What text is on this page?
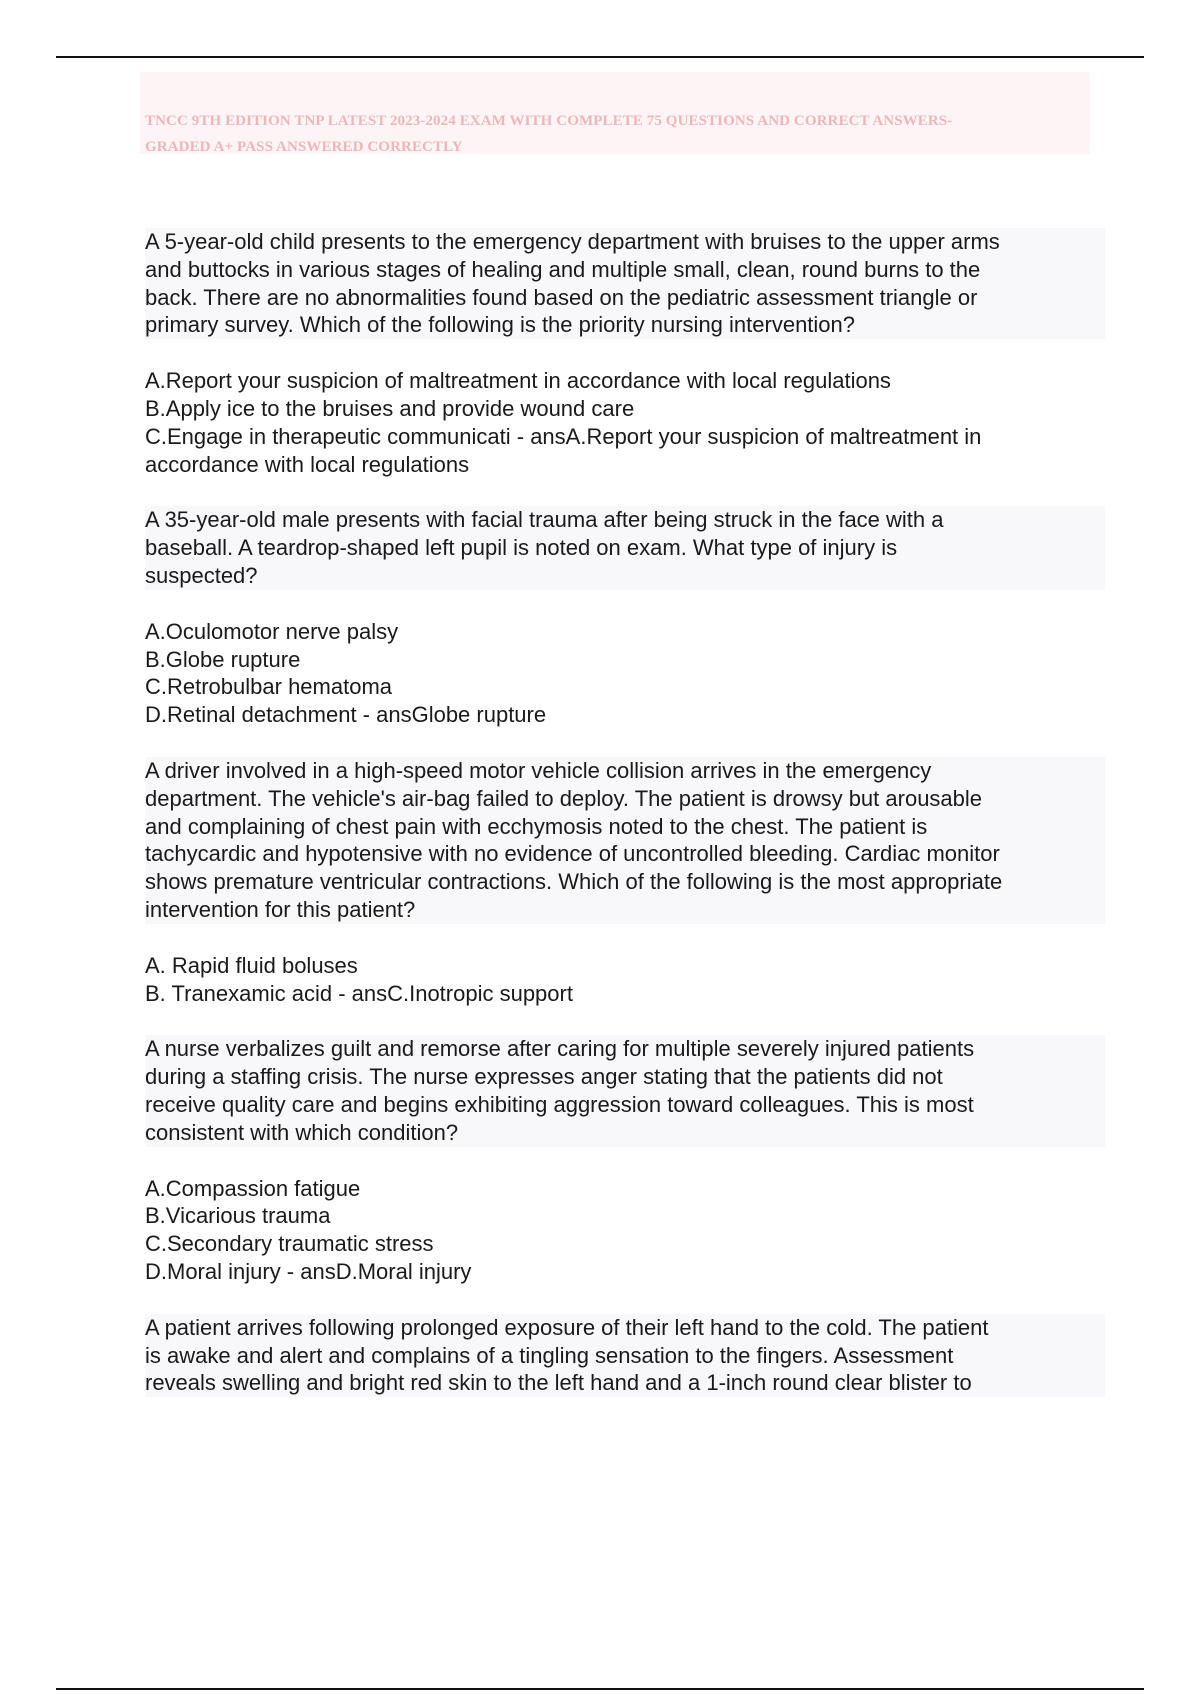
TNCC 9TH EDITION TNP LATEST 2023-2024 EXAM WITH COMPLETE 75 QUESTIONS AND CORRECT ANSWERS-
GRADED A+ PASS ANSWERED CORRECTLY
A 5-year-old child presents to the emergency department with bruises to the upper arms
and buttocks in various stages of healing and multiple small, clean, round burns to the
back. There are no abnormalities found based on the pediatric assessment triangle or
primary survey. Which of the following is the priority nursing intervention?
A.Report your suspicion of maltreatment in accordance with local regulations
B.Apply ice to the bruises and provide wound care
C.Engage in therapeutic communicati - ansA.Report your suspicion of maltreatment in
accordance with local regulations
A 35-year-old male presents with facial trauma after being struck in the face with a
baseball. A teardrop-shaped left pupil is noted on exam. What type of injury is
suspected?
A.Oculomotor nerve palsy
B.Globe rupture
C.Retrobulbar hematoma
D.Retinal detachment - ansGlobe rupture
A driver involved in a high-speed motor vehicle collision arrives in the emergency
department. The vehicle's air-bag failed to deploy. The patient is drowsy but arousable
and complaining of chest pain with ecchymosis noted to the chest. The patient is
tachycardic and hypotensive with no evidence of uncontrolled bleeding. Cardiac monitor
shows premature ventricular contractions. Which of the following is the most appropriate
intervention for this patient?
A. Rapid fluid boluses
B. Tranexamic acid - ansC.Inotropic support
A nurse verbalizes guilt and remorse after caring for multiple severely injured patients
during a staffing crisis. The nurse expresses anger stating that the patients did not
receive quality care and begins exhibiting aggression toward colleagues. This is most
consistent with which condition?
A.Compassion fatigue
B.Vicarious trauma
C.Secondary traumatic stress
D.Moral injury - ansD.Moral injury
A patient arrives following prolonged exposure of their left hand to the cold. The patient
is awake and alert and complains of a tingling sensation to the fingers. Assessment
reveals swelling and bright red skin to the left hand and a 1-inch round clear blister to
